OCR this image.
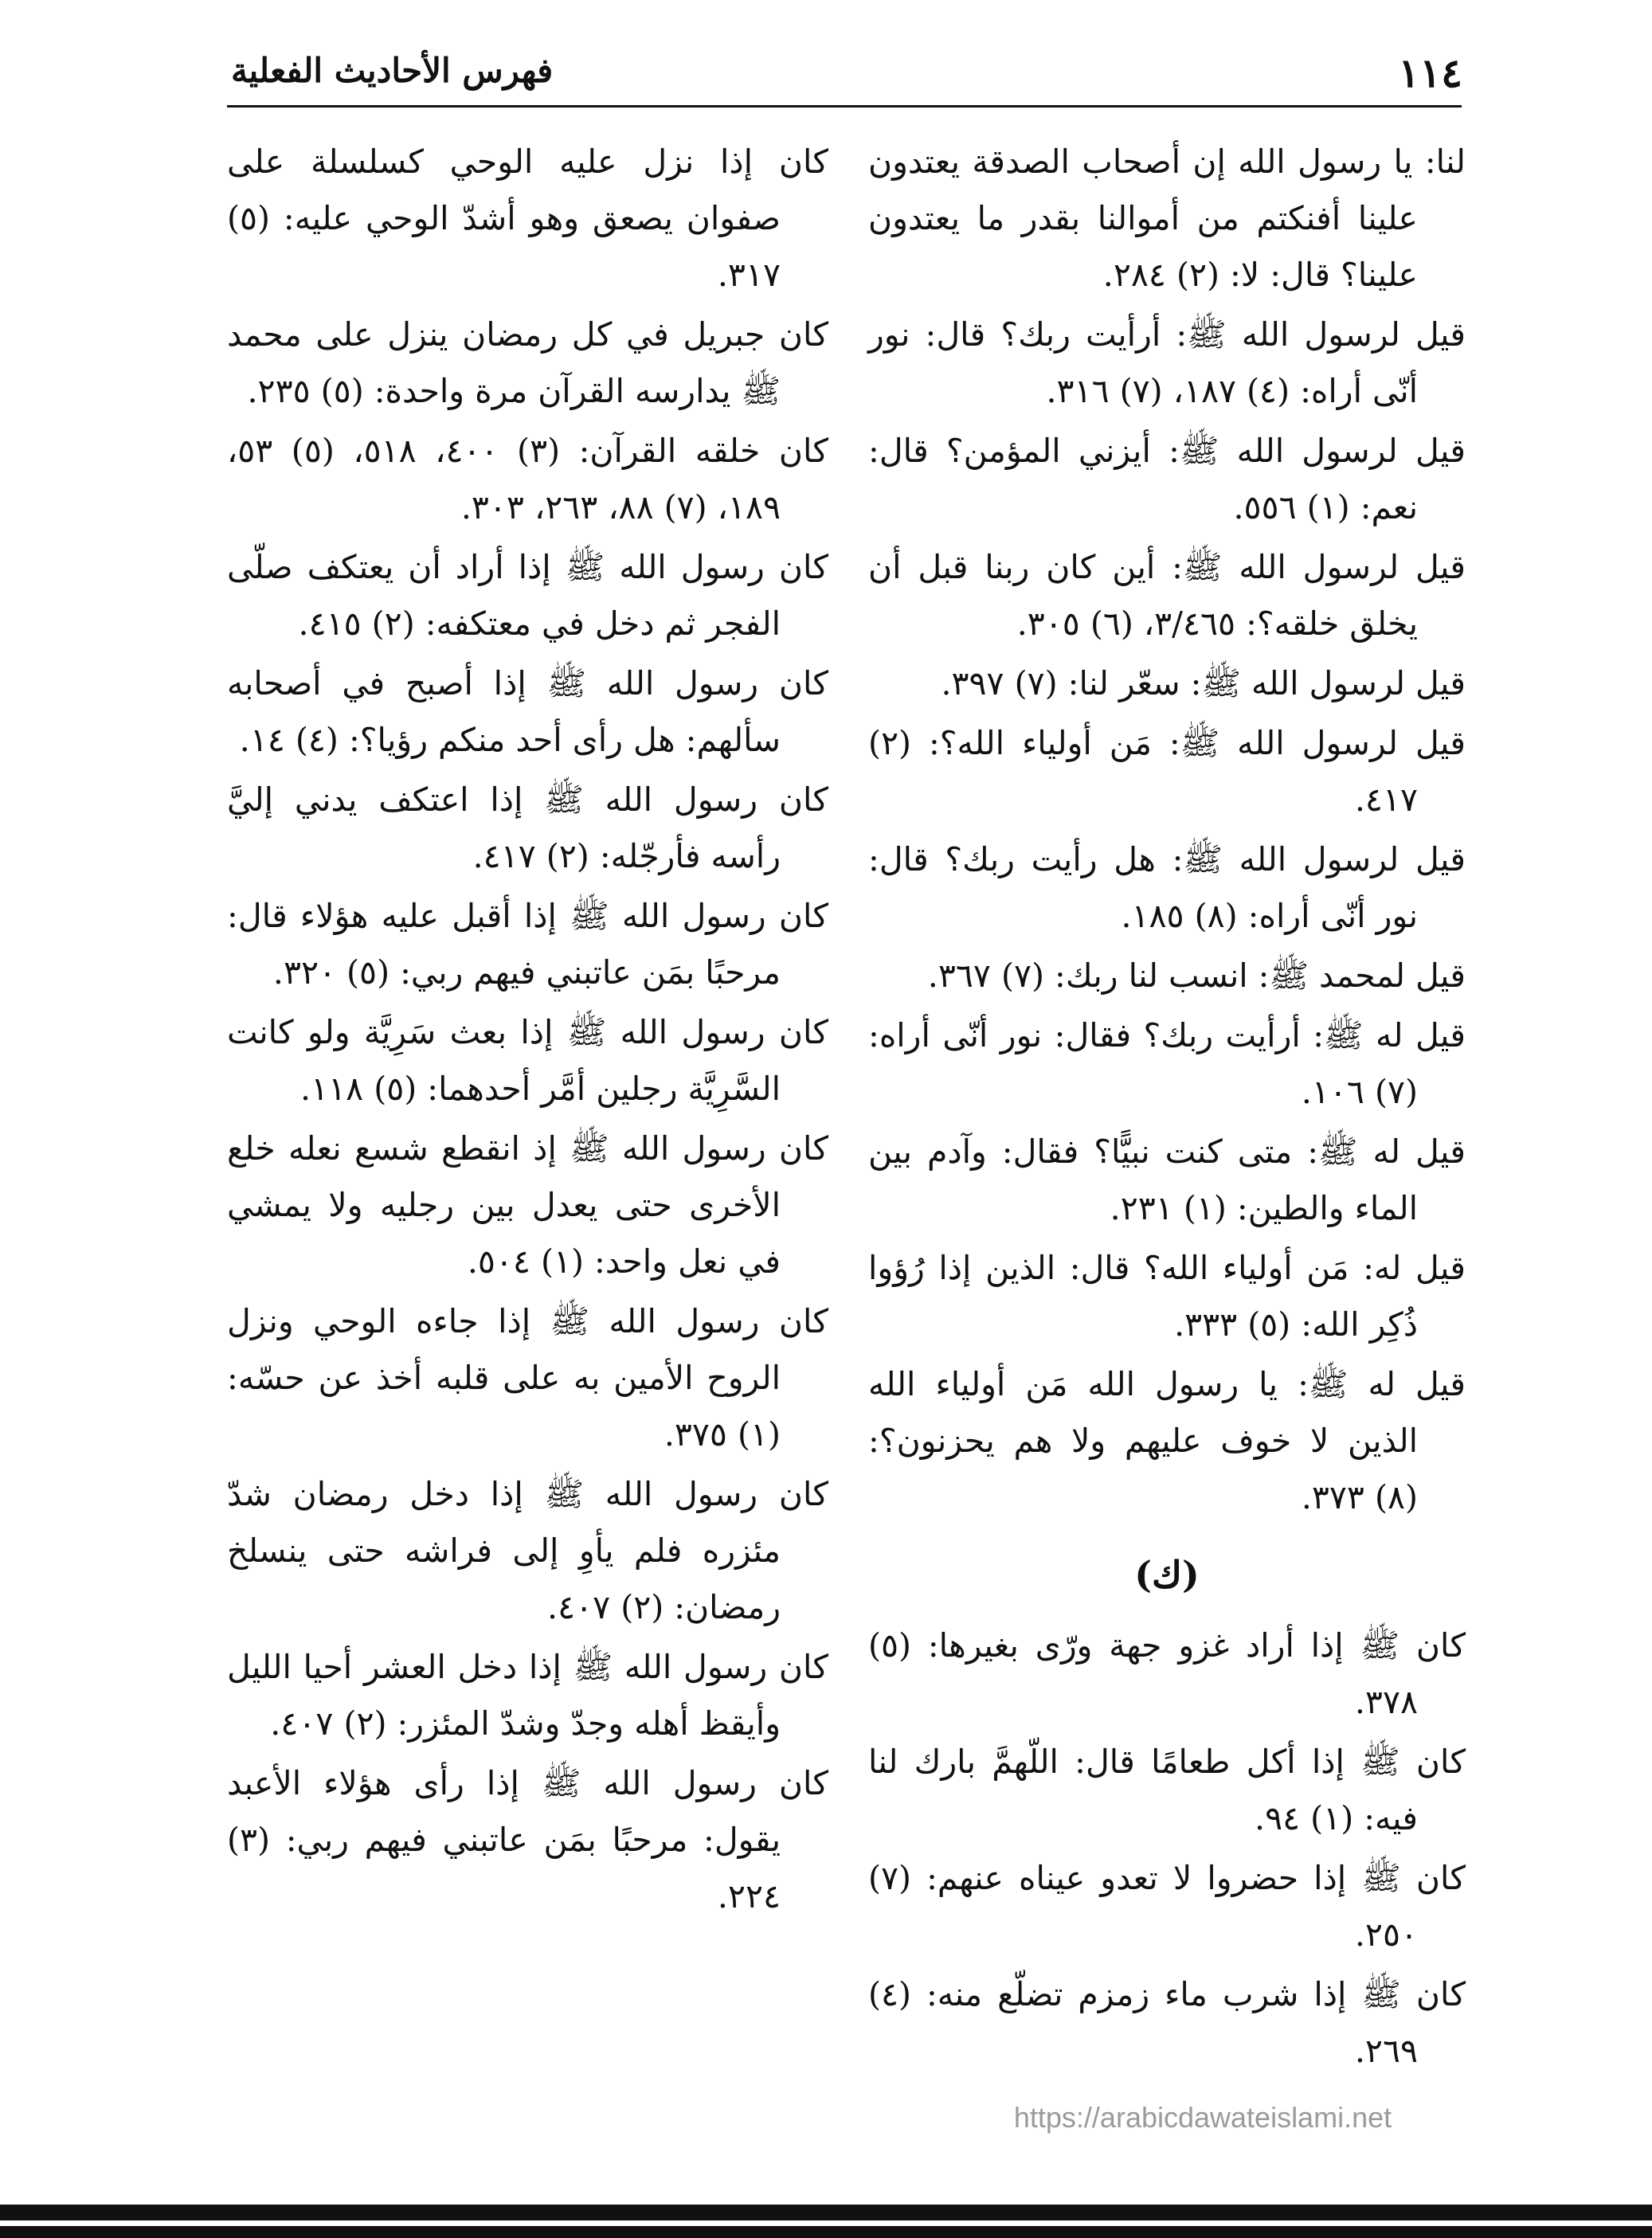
١١٤
فهرس الأحاديث الفعلية
لنا: يا رسول الله إن أصحاب الصدقة يعتدون علينا أفنكتم من أموالنا بقدر ما يعتدون علينا؟ قال: لا: (٢) ٢٨٤.
قيل لرسول الله ﷺ: أرأيت ربك؟ قال: نور أنّى أراه: (٤) ١٨٧، (٧) ٣١٦.
قيل لرسول الله ﷺ: أيزني المؤمن؟ قال: نعم: (١) ٥٥٦.
قيل لرسول الله ﷺ: أين كان ربنا قبل أن يخلق خلقه؟: ٣/٤٦٥، (٦) ٣٠٥.
قيل لرسول الله ﷺ: سعّر لنا: (٧) ٣٩٧.
قيل لرسول الله ﷺ: مَن أولياء الله؟: (٢) ٤١٧.
قيل لرسول الله ﷺ: هل رأيت ربك؟ قال: نور أنّى أراه: (٨) ١٨٥.
قيل لمحمد ﷺ: انسب لنا ربك: (٧) ٣٦٧.
قيل له ﷺ: أرأيت ربك؟ فقال: نور أنّى أراه: (٧) ١٠٦.
قيل له ﷺ: متى كنت نبيًّا؟ فقال: وآدم بين الماء والطين: (١) ٢٣١.
قيل له: مَن أولياء الله؟ قال: الذين إذا رُؤوا ذُكِر الله: (٥) ٣٣٣.
قيل له ﷺ: يا رسول الله مَن أولياء الله الذين لا خوف عليهم ولا هم يحزنون؟: (٨) ٣٧٣.
(ك)
كان ﷺ إذا أراد غزو جهة ورّى بغيرها: (٥) ٣٧٨.
كان ﷺ إذا أكل طعامًا قال: اللّهمَّ بارك لنا فيه: (١) ٩٤.
كان ﷺ إذا حضروا لا تعدو عيناه عنهم: (٧) ٢٥٠.
كان ﷺ إذا شرب ماء زمزم تضلّع منه: (٤) ٢٦٩.
كان إذا نزل عليه الوحي كسلسلة على صفوان يصعق وهو أشدّ الوحي عليه: (٥) ٣١٧.
كان جبريل في كل رمضان ينزل على محمد ﷺ يدارسه القرآن مرة واحدة: (٥) ٢٣٥.
كان خلقه القرآن: (٣) ٤٠٠، ٥١٨، (٥) ٥٣، ١٨٩، (٧) ٨٨، ٢٦٣، ٣٠٣.
كان رسول الله ﷺ إذا أراد أن يعتكف صلّى الفجر ثم دخل في معتكفه: (٢) ٤١٥.
كان رسول الله ﷺ إذا أصبح في أصحابه سألهم: هل رأى أحد منكم رؤيا؟: (٤) ١٤.
كان رسول الله ﷺ إذا اعتكف يدني إليَّ رأسه فأرجّله: (٢) ٤١٧.
كان رسول الله ﷺ إذا أقبل عليه هؤلاء قال: مرحبًا بمَن عاتبني فيهم ربي: (٥) ٣٢٠.
كان رسول الله ﷺ إذا بعث سَرِيَّة ولو كانت السَّرِيَّة رجلين أمَّر أحدهما: (٥) ١١٨.
كان رسول الله ﷺ إذ انقطع شسع نعله خلع الأخرى حتى يعدل بين رجليه ولا يمشي في نعل واحد: (١) ٥٠٤.
كان رسول الله ﷺ إذا جاءه الوحي ونزل الروح الأمين به على قلبه أخذ عن حسّه: (١) ٣٧٥.
كان رسول الله ﷺ إذا دخل رمضان شدّ مئزره فلم يأوِ إلى فراشه حتى ينسلخ رمضان: (٢) ٤٠٧.
كان رسول الله ﷺ إذا دخل العشر أحيا الليل وأيقظ أهله وجدّ وشدّ المئزر: (٢) ٤٠٧.
كان رسول الله ﷺ إذا رأى هؤلاء الأعبد يقول: مرحبًا بمَن عاتبني فيهم ربي: (٣) ٢٢٤.
https://arabicdawateislami.net
